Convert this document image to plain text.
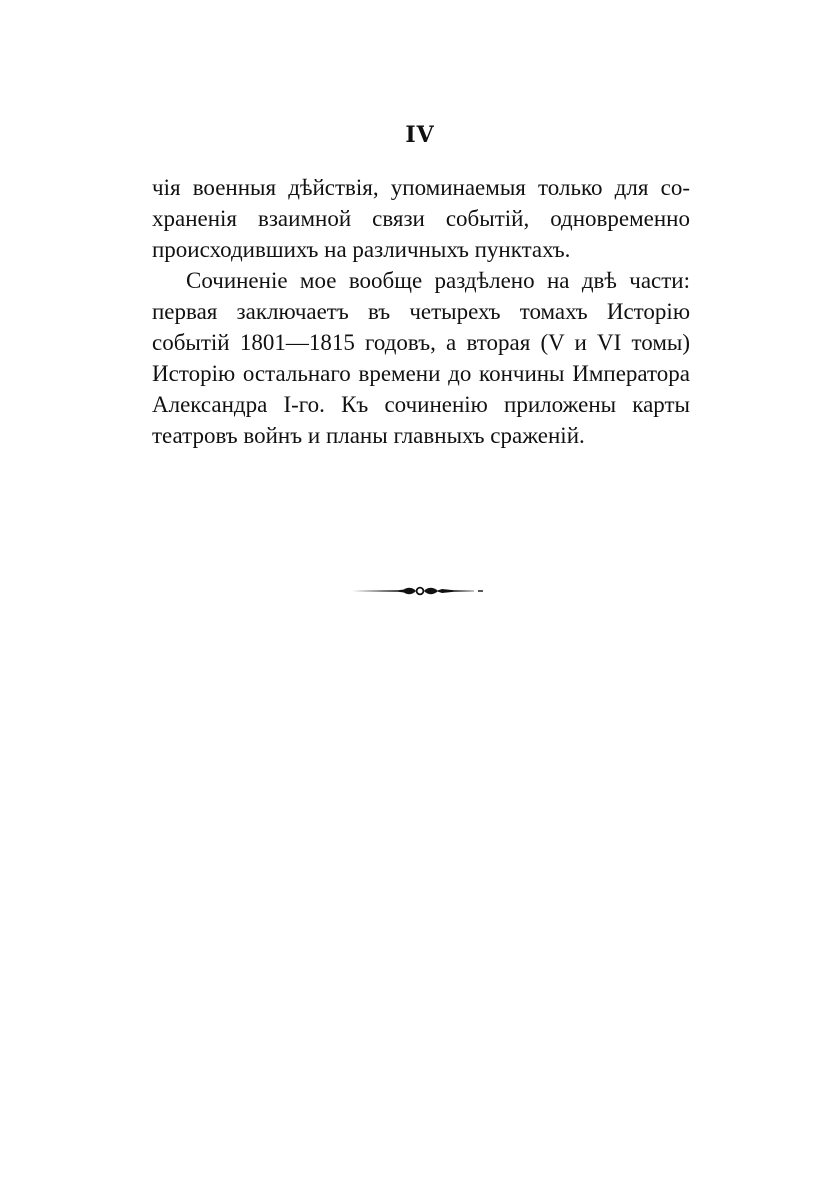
IV
чія военныя дѣйствія, упоминаемыя только для со-
храненія взаимной связи событій, одновременно
происходившихъ на различныхъ пунктахъ.
Сочиненіе мое вообще раздѣлено на двѣ части:
первая заключаетъ въ четырехъ томахъ Исторію
событій 1801—1815 годовъ, а вторая (V и VI томы)
Исторію остальнаго времени до кончины Императора
Александра I-го. Къ сочиненію приложены карты
театровъ войнъ и планы главныхъ сраженій.
